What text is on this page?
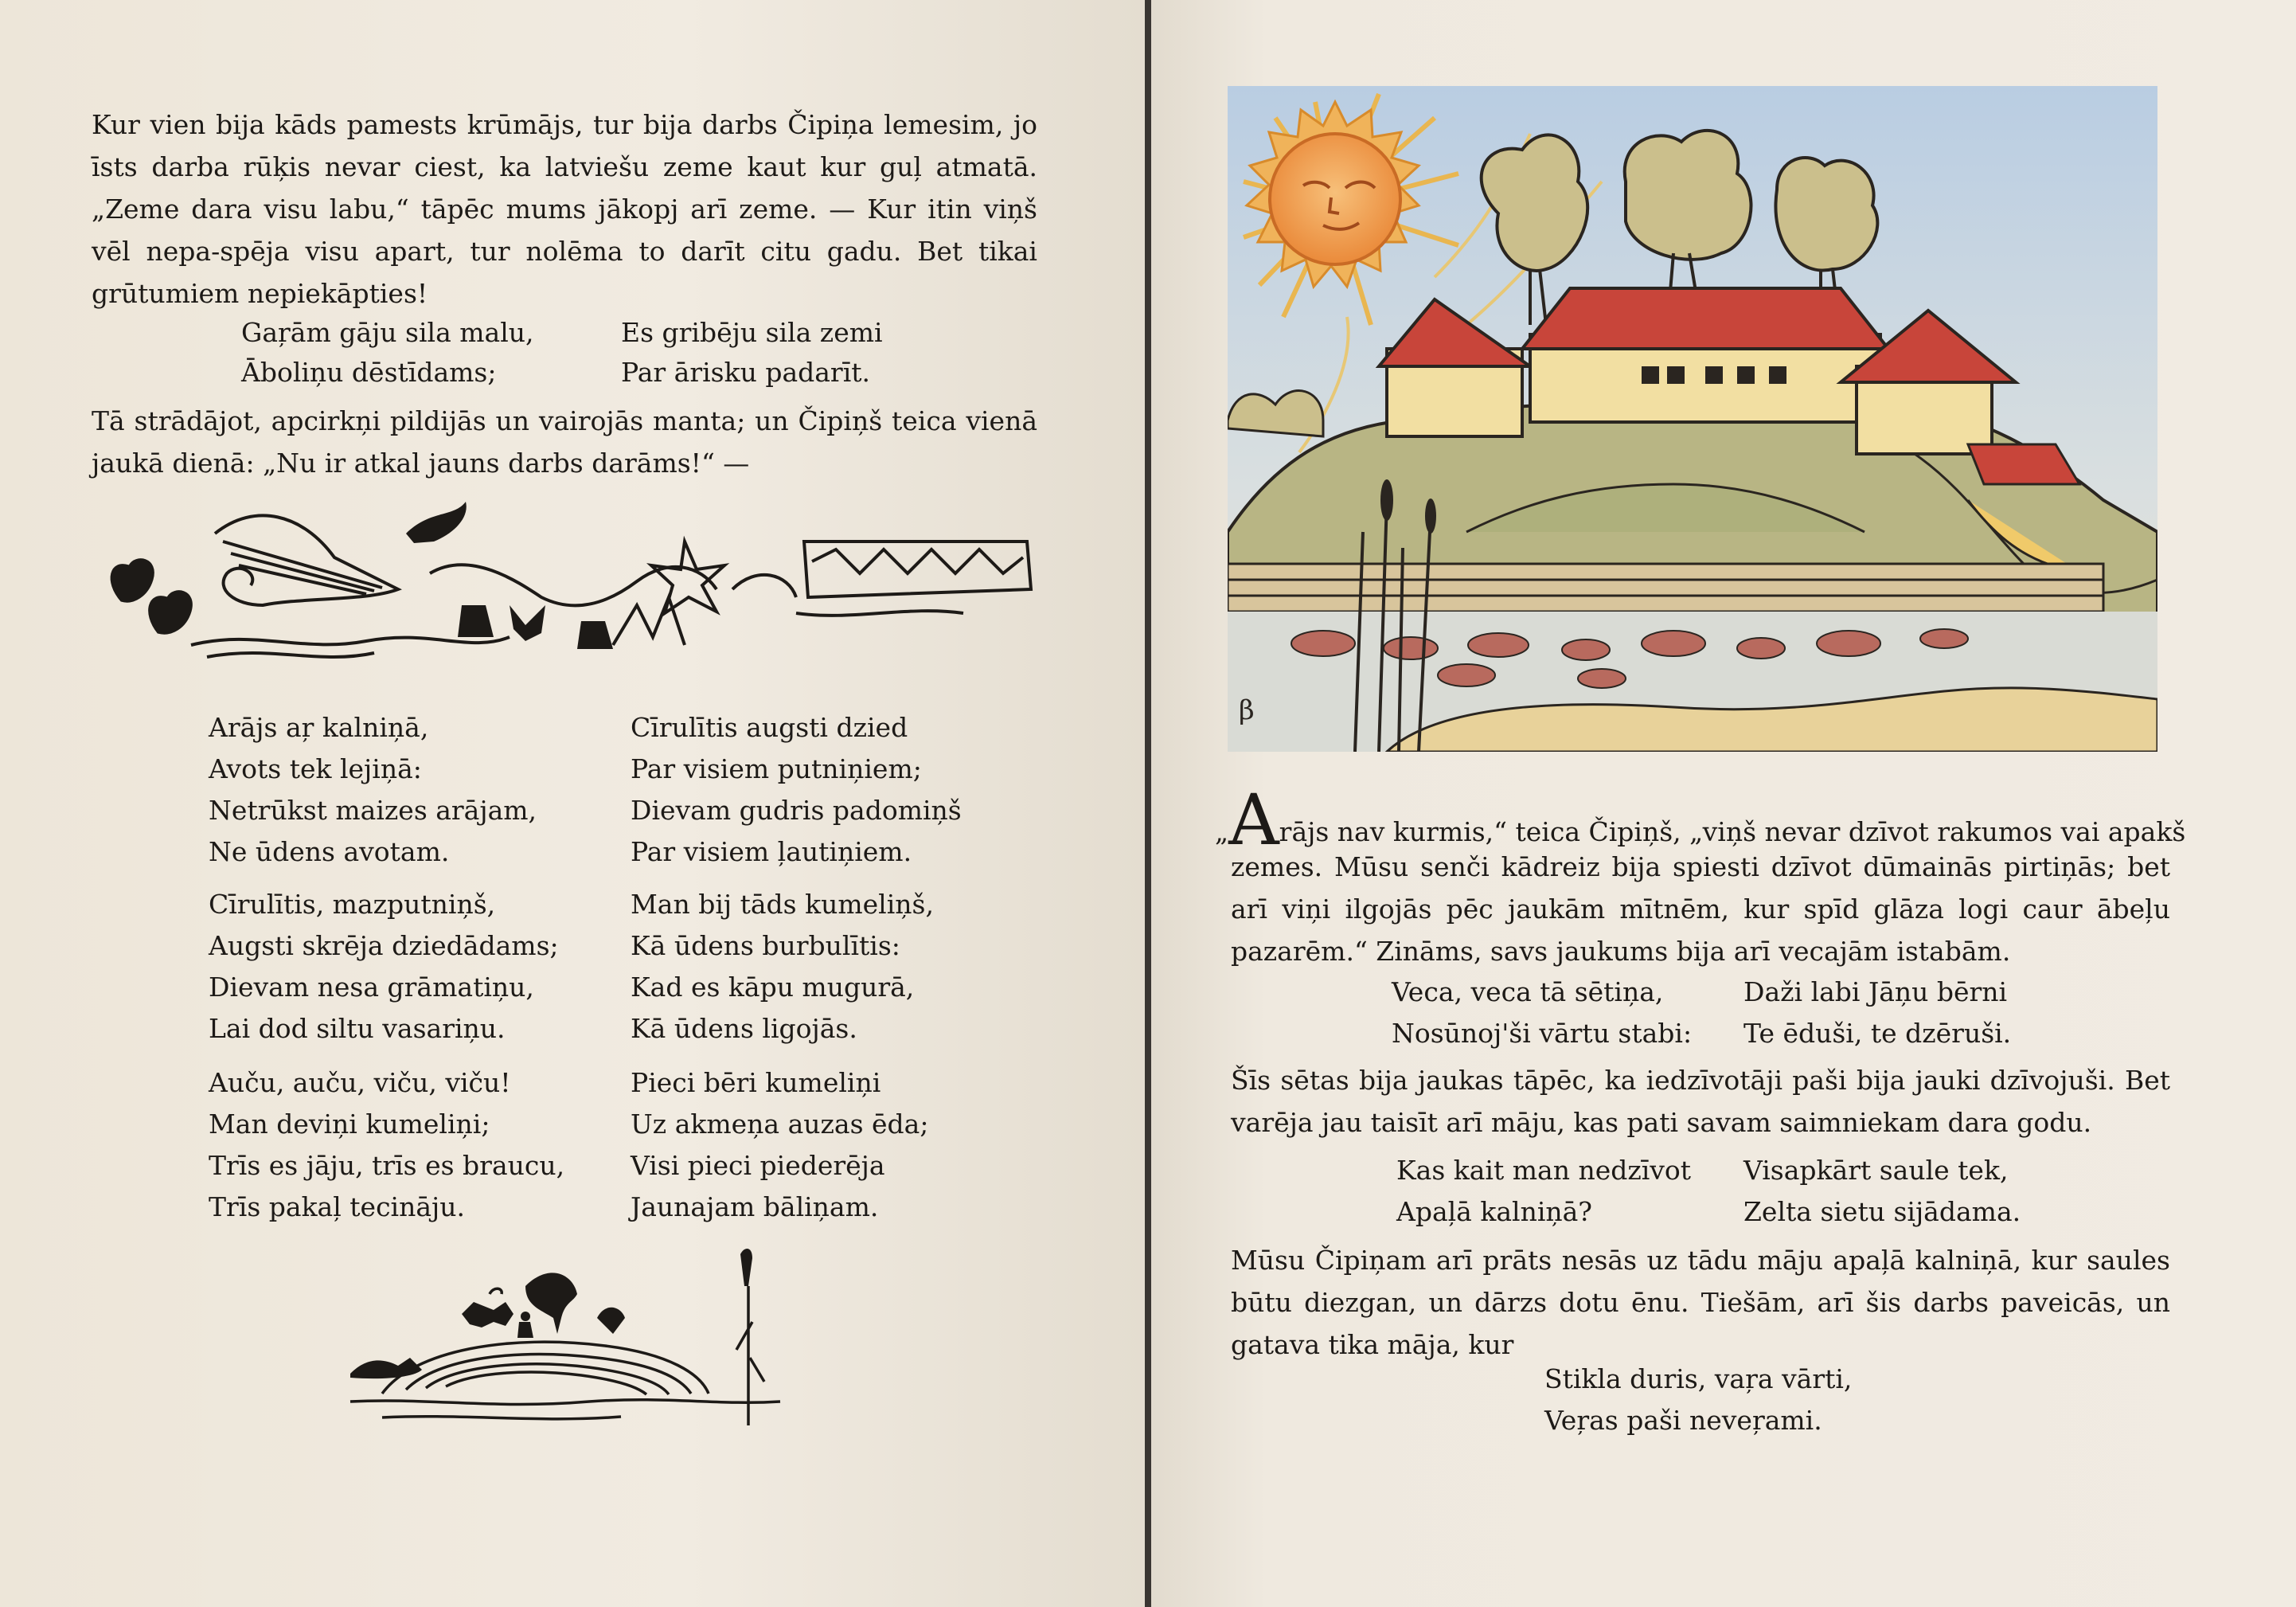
Kur vien bija kāds pamests krūmājs, tur bija darbs Čipiņa lemesim, jo īsts darba rūķis nevar ciest, ka latviešu zeme kaut kur guļ atmatā. „Zeme dara visu labu,“ tāpēc mums jākopj arī zeme. — Kur itin viņš vēl nepa-spēja visu apart, tur nolēma to darīt citu gadu. Bet tikai grūtumiem nepiekāpties!

Gaŗām gāju sila malu,
Āboliņu dēstīdams;
Es gribēju sila zemi
Par ārisku padarīt.

Tā strādājot, apcirkņi pildijās un vairojās manta; un Čipiņš teica vienā jaukā dienā: „Nu ir atkal jauns darbs darāms!“ —

Arājs aŗ kalniņā,
Avots tek lejiņā:
Netrūkst maizes arājam,
Ne ūdens avotam.
Cīrulītis augsti dzied
Par visiem putniņiem;
Dievam gudris padomiņš
Par visiem ļautiņiem.
Cīrulītis, mazputniņš,
Augsti skrēja dziedādams;
Dievam nesa grāmatiņu,
Lai dod siltu vasariņu.
Man bij tāds kumeliņš,
Kā ūdens burbulītis:
Kad es kāpu mugurā,
Kā ūdens ligojās.
Auču, auču, viču, viču!
Man deviņi kumeliņi;
Trīs es jāju, trīs es braucu,
Trīs pakaļ tecināju.
Pieci bēri kumeliņi
Uz akmeņa auzas ēda;
Visi pieci piederēja
Jaunajam bāliņam.
β
„Arājs nav kurmis,“ teica Čipiņš, „viņš nevar dzīvot rakumos vai apakš

zemes. Mūsu senči kādreiz bija spiesti dzīvot dūmainās pirtiņās; bet arī viņi ilgojās pēc jaukām mītnēm, kur spīd glāza logi caur ābeļu pazarēm.“ Zināms, savs jaukums bija arī vecajām istabām.

Veca, veca tā sētiņa,
Nosūnoj'ši vārtu stabi:
Daži labi Jāņu bērni
Te ēduši, te dzēruši.

Šīs sētas bija jaukas tāpēc, ka iedzīvotāji paši bija jauki dzīvojuši. Bet varēja jau taisīt arī māju, kas pati savam saimniekam dara godu.

Kas kait man nedzīvot
Apaļā kalniņā?
Visapkārt saule tek,
Zelta sietu sijādama.

Mūsu Čipiņam arī prāts nesās uz tādu māju apaļā kalniņā, kur saules būtu diezgan, un dārzs dotu ēnu. Tiešām, arī šis darbs paveicās, un gatava tika māja, kur

Stikla duris, vaŗa vārti,
Veŗas paši neveŗami.
